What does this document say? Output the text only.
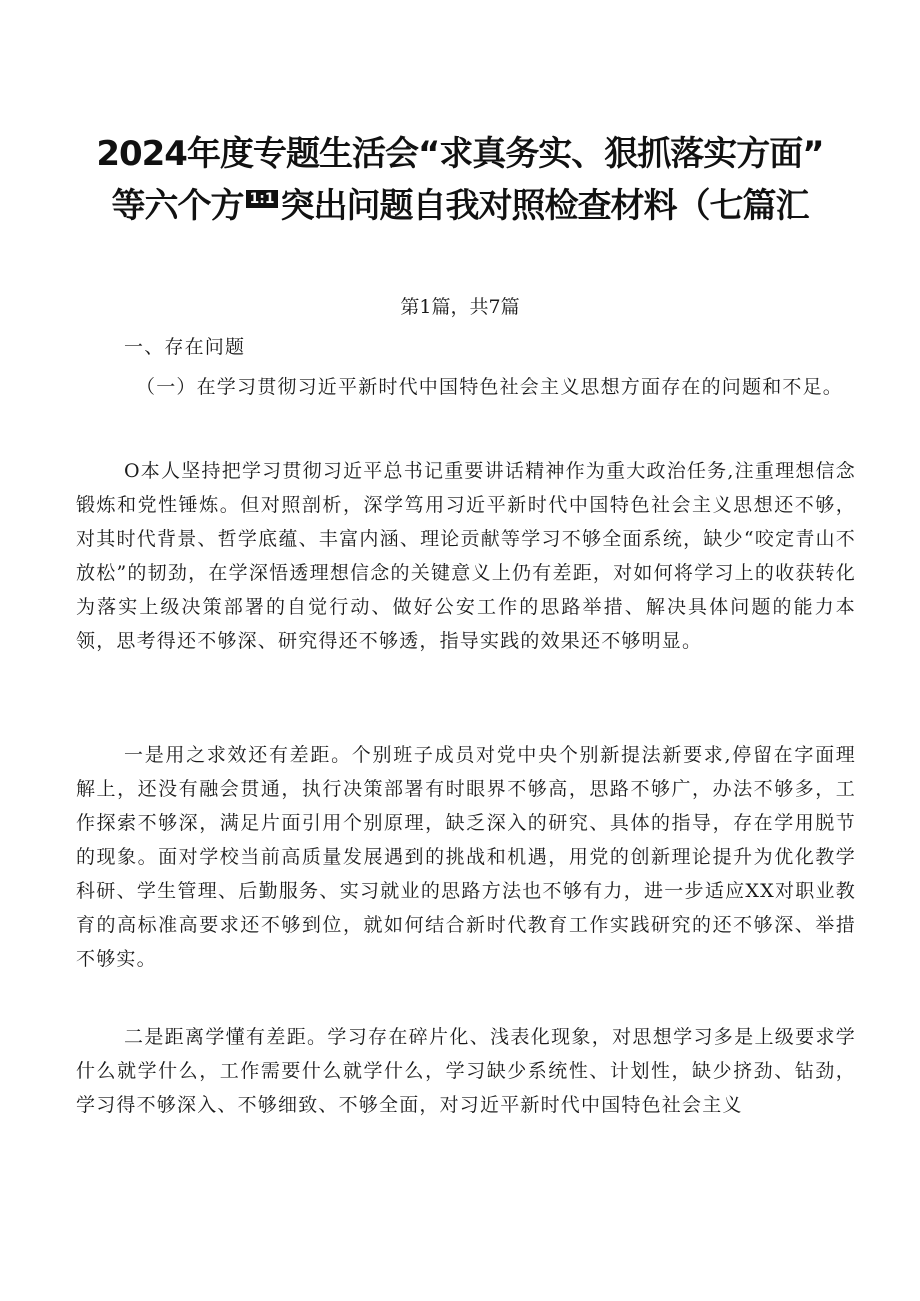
2024年度专题生活会“求真务实、狠抓落实方面”
等六个方 1:1 突出问题自我对照检查材料（七篇汇
第1篇，共7篇
一、存在问题
（一）在学习贯彻习近平新时代中国特色社会主义思想方面存在的问题和不足。
O本人坚持把学习贯彻习近平总书记重要讲话精神作为重大政治任务,注重理想信念锻炼和党性锤炼。但对照剖析，深学笃用习近平新时代中国特色社会主义思想还不够，对其时代背景、哲学底蕴、丰富内涵、理论贡献等学习不够全面系统，缺少“咬定青山不放松”的韧劲，在学深悟透理想信念的关键意义上仍有差距，对如何将学习上的收获转化为落实上级决策部署的自觉行动、做好公安工作的思路举措、解决具体问题的能力本领，思考得还不够深、研究得还不够透，指导实践的效果还不够明显。
一是用之求效还有差距。个别班子成员对党中央个别新提法新要求,停留在字面理解上，还没有融会贯通，执行决策部署有时眼界不够高，思路不够广，办法不够多，工作探索不够深，满足片面引用个别原理，缺乏深入的研究、具体的指导，存在学用脱节的现象。面对学校当前高质量发展遇到的挑战和机遇，用党的创新理论提升为优化教学科研、学生管理、后勤服务、实习就业的思路方法也不够有力，进一步适应XX对职业教育的高标准高要求还不够到位，就如何结合新时代教育工作实践研究的还不够深、举措不够实。
二是距离学懂有差距。学习存在碎片化、浅表化现象，对思想学习多是上级要求学什么就学什么，工作需要什么就学什么，学习缺少系统性、计划性，缺少挤劲、钻劲，学习得不够深入、不够细致、不够全面，对习近平新时代中国特色社会主义
